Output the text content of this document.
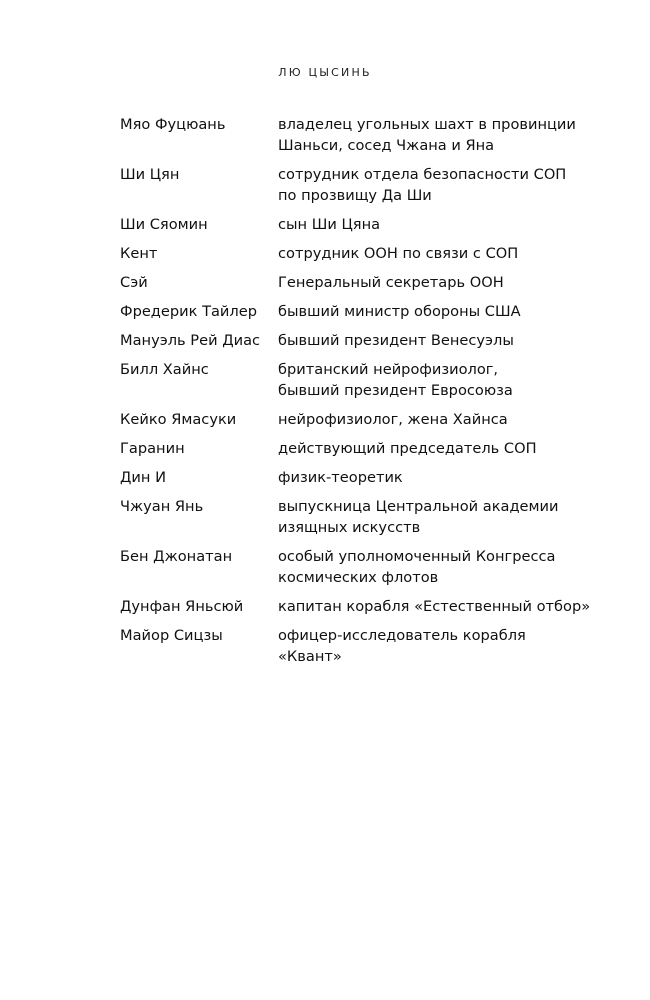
ЛЮ ЦЫСИНЬ
Мяо Фуцюань	владелец угольных шахт в провинции
Шаньси, сосед Чжана и Яна
Ши Цян	сотрудник отдела безопасности СОП
по прозвищу Да Ши
Ши Сяомин	сын Ши Цяна
Кент	сотрудник ООН по связи с СОП
Сэй	Генеральный секретарь ООН
Фредерик Тайлер	бывший министр обороны США
Мануэль Рей Диас	бывший президент Венесуэлы
Билл Хайнс	британский нейрофизиолог,
бывший президент Евросоюза
Кейко Ямасуки	нейрофизиолог, жена Хайнса
Гаранин	действующий председатель СОП
Дин И	физик-теоретик
Чжуан Янь	выпускница Центральной академии
изящных искусств
Бен Джонатан	особый уполномоченный Конгресса
космических флотов
Дунфан Яньсюй	капитан корабля «Естественный отбор»
Майор Сицзы	офицер-исследователь корабля
«Квант»
